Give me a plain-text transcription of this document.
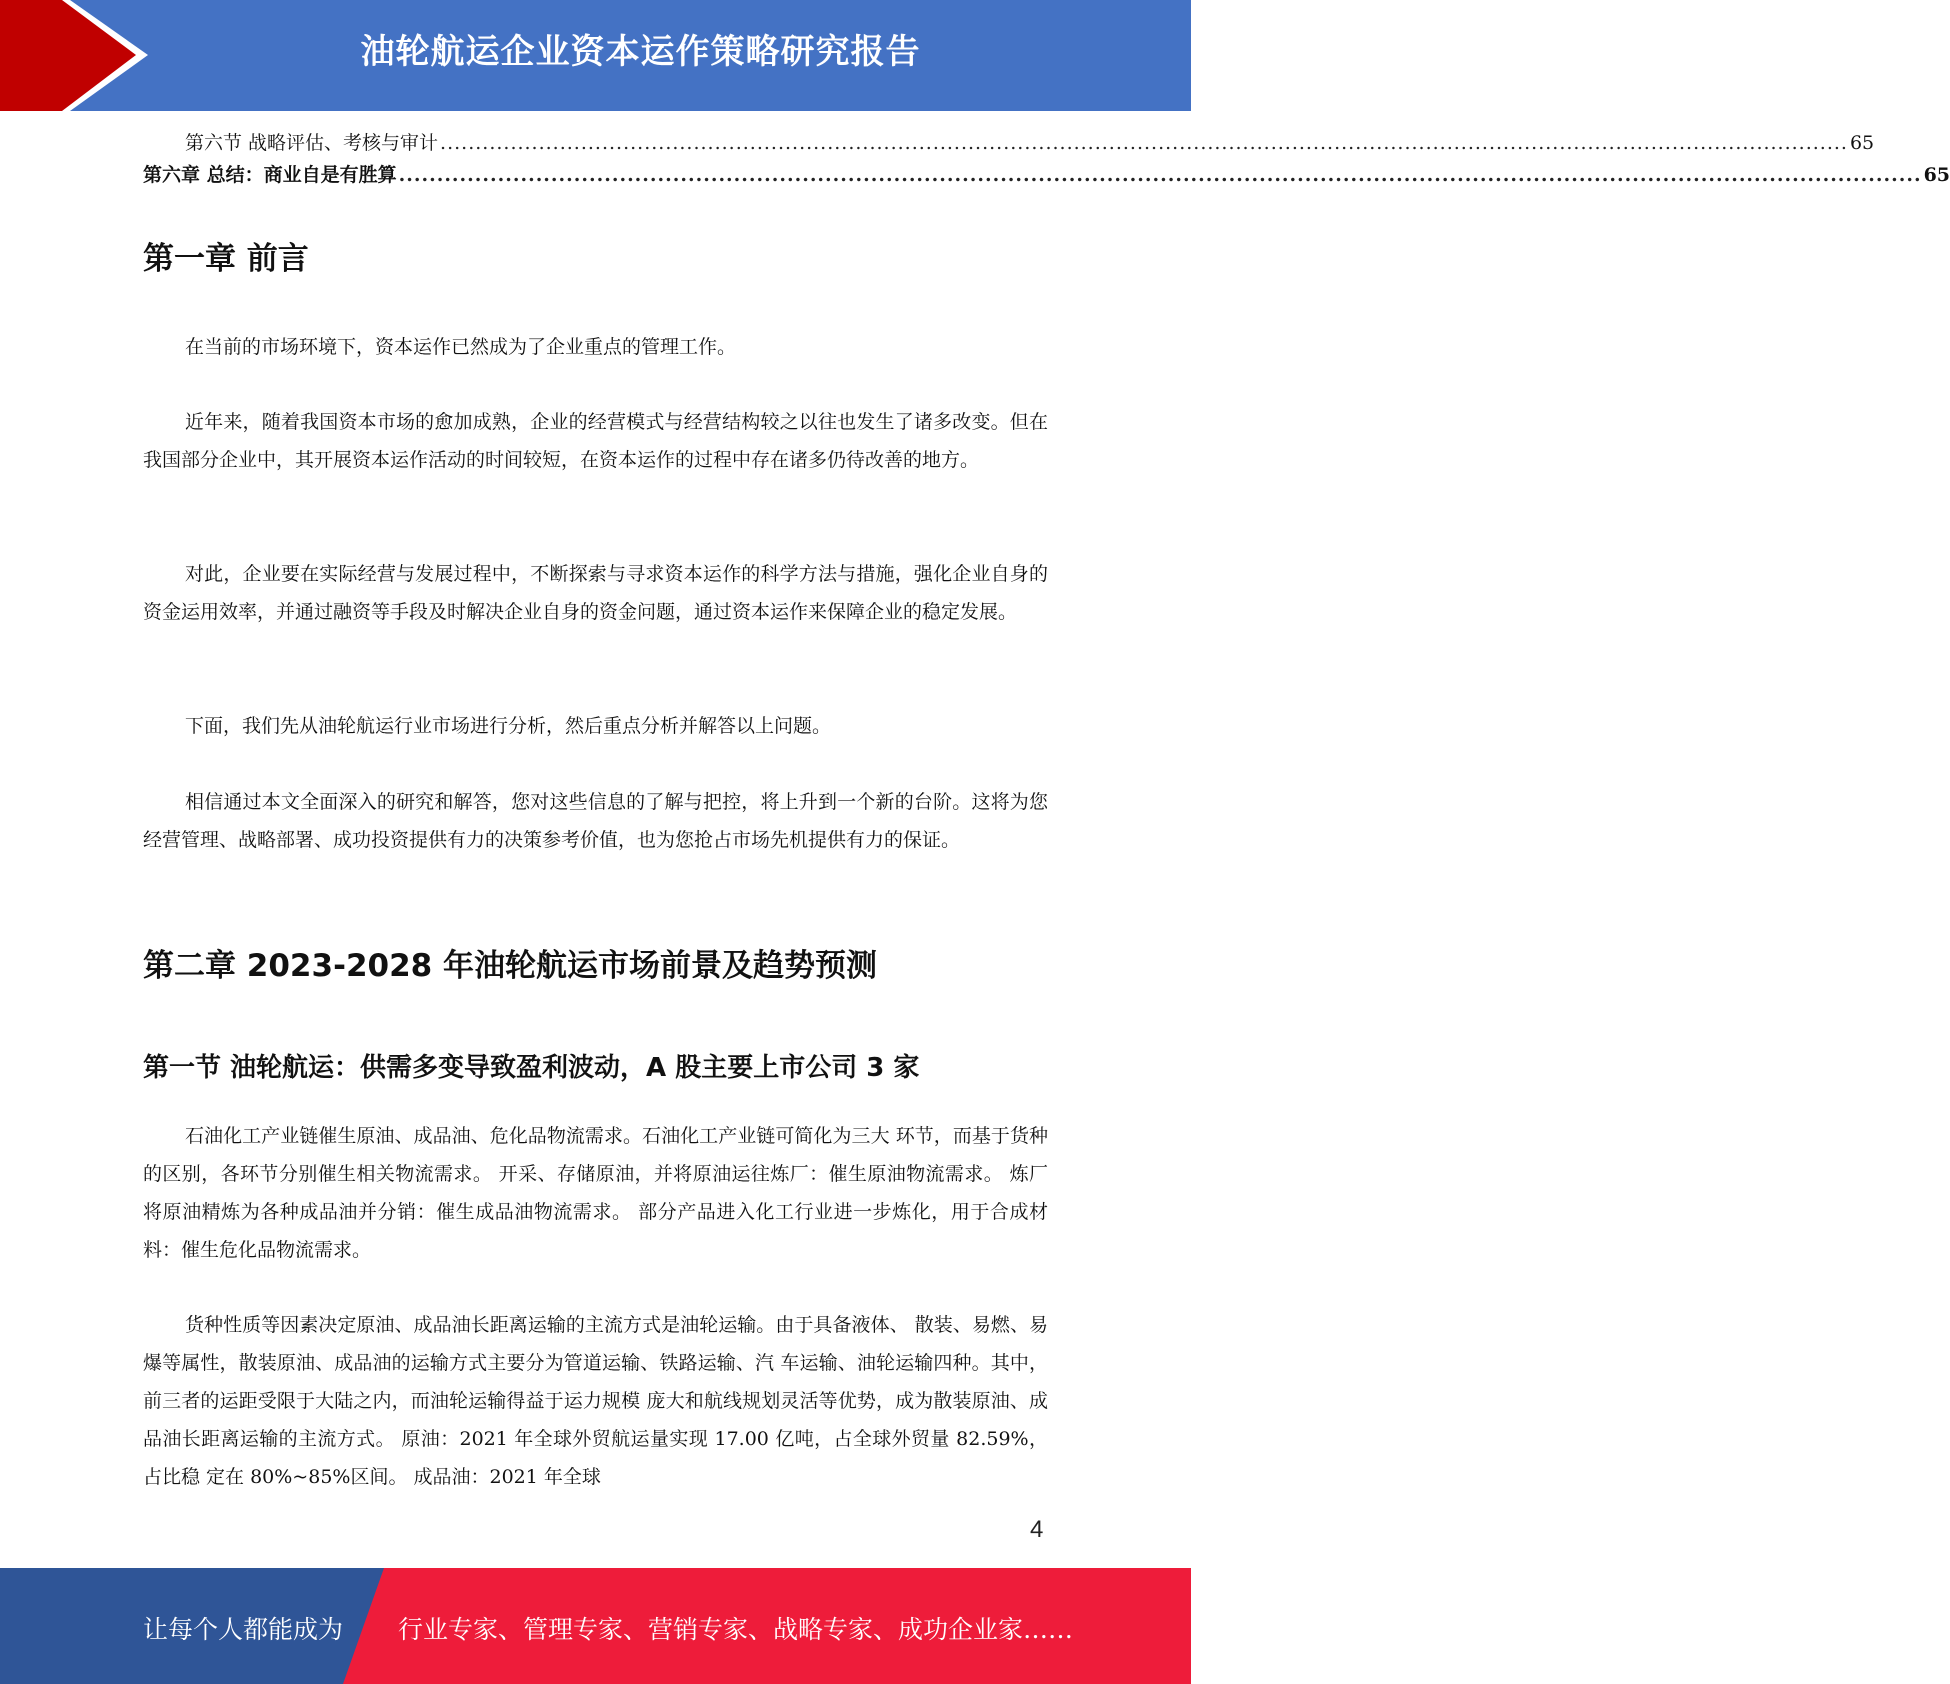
油轮航运企业资本运作策略研究报告
第六节 战略评估、考核与审计 ........................................................................................................................................................................................................ 65
第六章 总结：商业自是有胜算 ........................................................................................................................................................................................................ 65
第一章 前言

在当前的市场环境下，资本运作已然成为了企业重点的管理工作。

近年来，随着我国资本市场的愈加成熟，企业的经营模式与经营结构较之以往也发生了诸多改变。但在我国部分企业中，其开展资本运作活动的时间较短，在资本运作的过程中存在诸多仍待改善的地方。

对此，企业要在实际经营与发展过程中，不断探索与寻求资本运作的科学方法与措施，强化企业自身的资金运用效率，并通过融资等手段及时解决企业自身的资金问题，通过资本运作来保障企业的稳定发展。

下面，我们先从油轮航运行业市场进行分析，然后重点分析并解答以上问题。

相信通过本文全面深入的研究和解答，您对这些信息的了解与把控，将上升到一个新的台阶。这将为您经营管理、战略部署、成功投资提供有力的决策参考价值，也为您抢占市场先机提供有力的保证。

第二章 2023-2028 年油轮航运市场前景及趋势预测
第一节 油轮航运：供需多变导致盈利波动，A 股主要上市公司 3 家

石油化工产业链催生原油、成品油、危化品物流需求。石油化工产业链可简化为三大 环节，而基于货种的区别，各环节分别催生相关物流需求。 开采、存储原油，并将原油运往炼厂：催生原油物流需求。 炼厂将原油精炼为各种成品油并分销：催生成品油物流需求。 部分产品进入化工行业进一步炼化，用于合成材料：催生危化品物流需求。

货种性质等因素决定原油、成品油长距离运输的主流方式是油轮运输。由于具备液体、 散装、易燃、易爆等属性，散装原油、成品油的运输方式主要分为管道运输、铁路运输、汽 车运输、油轮运输四种。其中，前三者的运距受限于大陆之内，而油轮运输得益于运力规模 庞大和航线规划灵活等优势，成为散装原油、成品油长距离运输的主流方式。 原油：2021 年全球外贸航运量实现 17.00 亿吨，占全球外贸量 82.59%，占比稳 定在 80%~85%区间。 成品油：2021 年全球

4
让每个人都能成为 行业专家、管理专家、营销专家、战略专家、成功企业家……
